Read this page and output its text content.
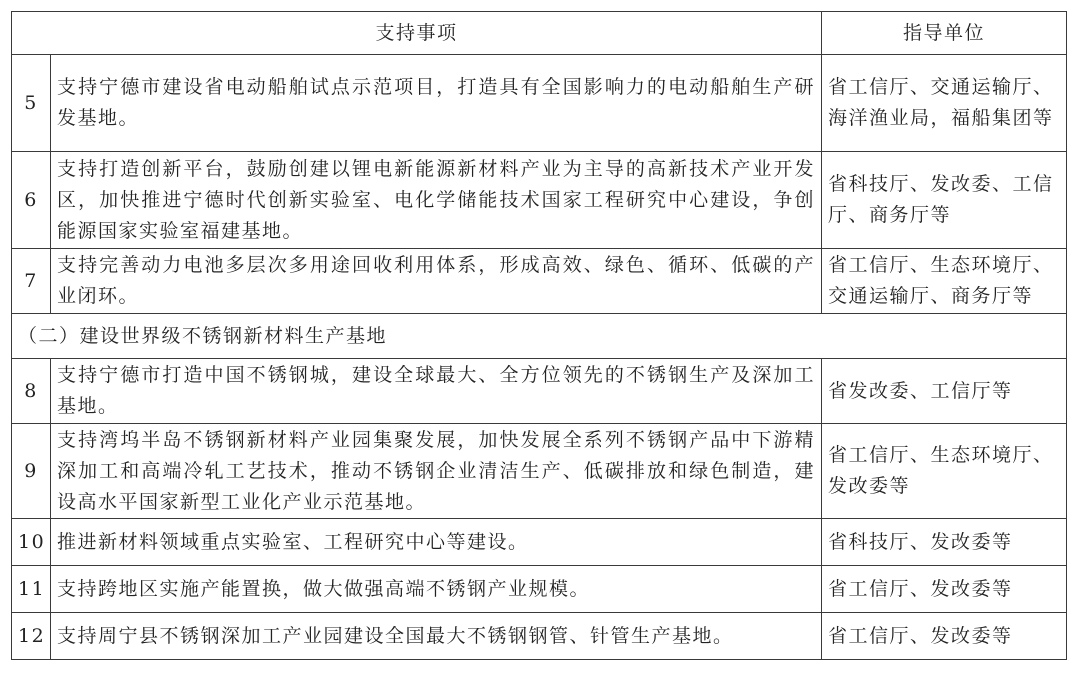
支持事项		指导单位
5	支持宁德市建设省电动船舶试点示范项目，打造具有全国影响力的电动船舶生产研发基地。	省工信厅、交通运输厅、海洋渔业局，福船集团等
6	支持打造创新平台，鼓励创建以锂电新能源新材料产业为主导的高新技术产业开发区，加快推进宁德时代创新实验室、电化学储能技术国家工程研究中心建设，争创能源国家实验室福建基地。	省科技厅、发改委、工信厅、商务厅等
7	支持完善动力电池多层次多用途回收利用体系，形成高效、绿色、循环、低碳的产业闭环。	省工信厅、生态环境厅、交通运输厅、商务厅等
（二）建设世界级不锈钢新材料生产基地		
8	支持宁德市打造中国不锈钢城，建设全球最大、全方位领先的不锈钢生产及深加工基地。	省发改委、工信厅等
9	支持湾坞半岛不锈钢新材料产业园集聚发展，加快发展全系列不锈钢产品中下游精深加工和高端冷轧工艺技术，推动不锈钢企业清洁生产、低碳排放和绿色制造，建设高水平国家新型工业化产业示范基地。	省工信厅、生态环境厅、发改委等
10	推进新材料领域重点实验室、工程研究中心等建设。	省科技厅、发改委等
11	支持跨地区实施产能置换，做大做强高端不锈钢产业规模。	省工信厅、发改委等
12	支持周宁县不锈钢深加工产业园建设全国最大不锈钢钢管、针管生产基地。	省工信厅、发改委等
